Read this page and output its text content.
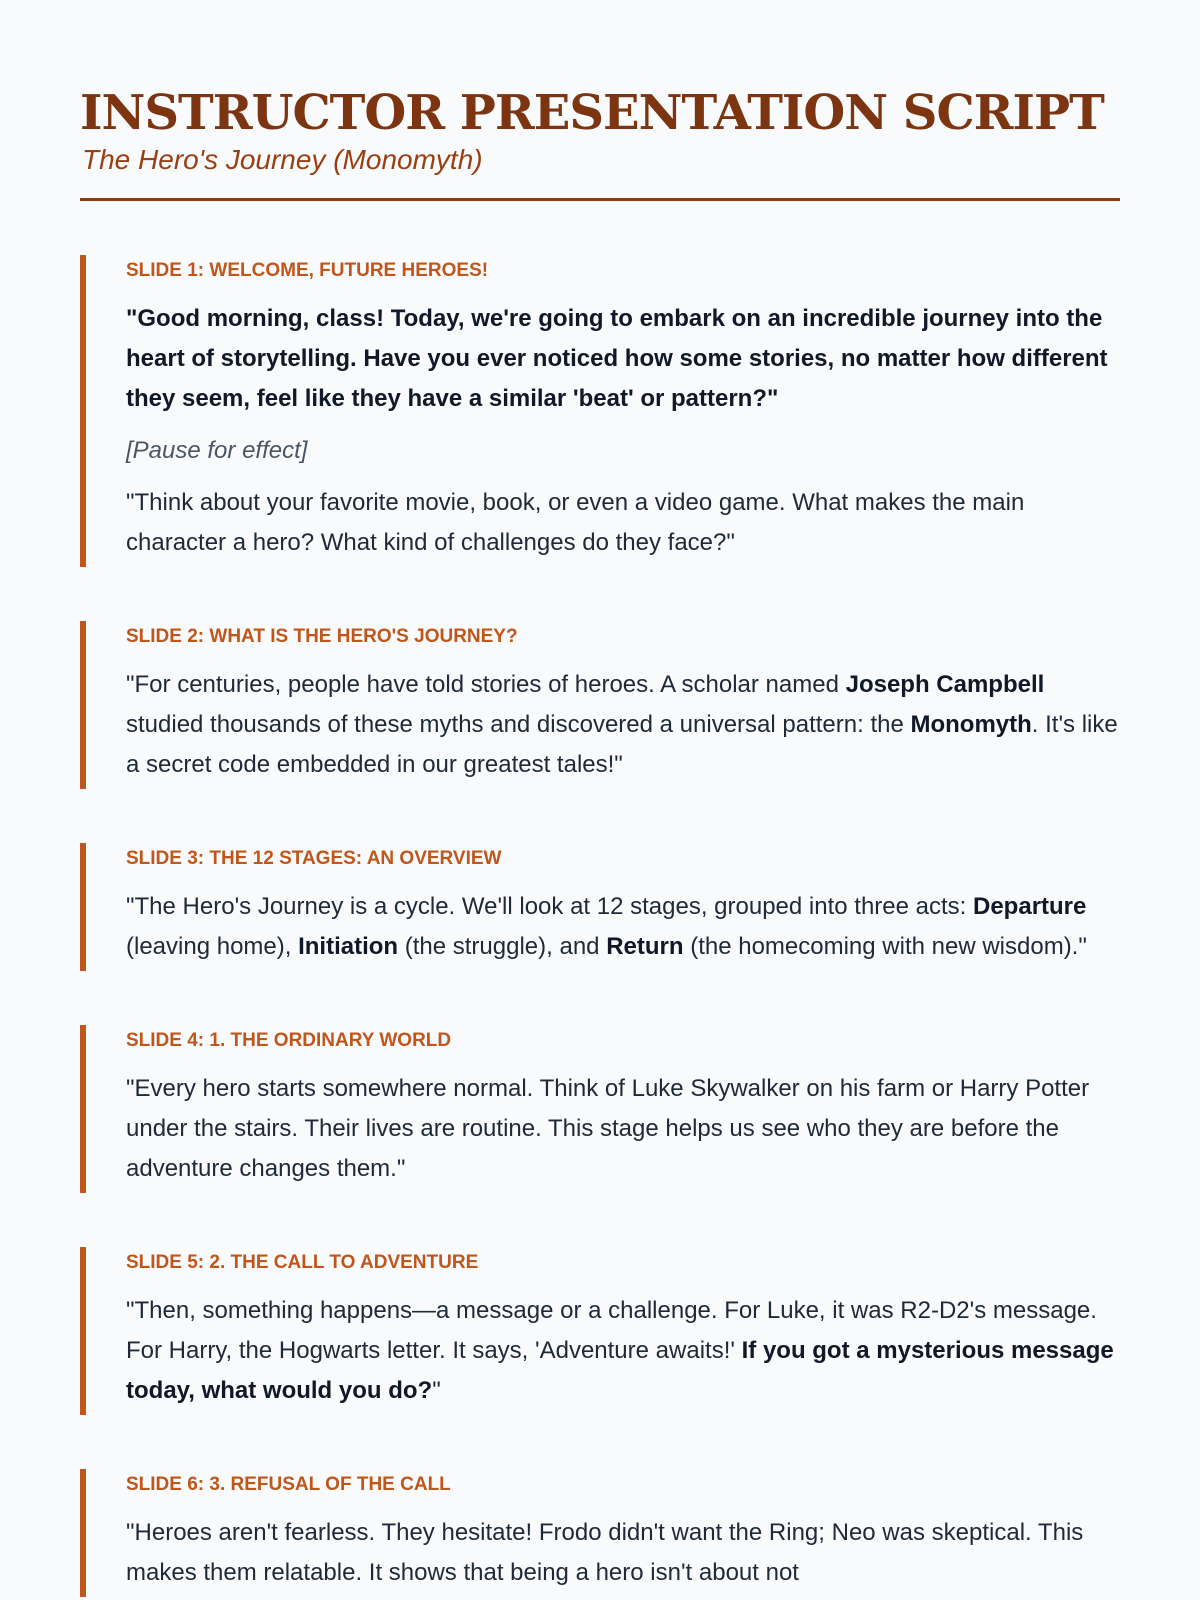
INSTRUCTOR PRESENTATION SCRIPT

The Hero's Journey (Monomyth)

SLIDE 1: WELCOME, FUTURE HEROES!

"Good morning, class! Today, we're going to embark on an incredible journey into the heart of storytelling. Have you ever noticed how some stories, no matter how different they seem, feel like they have a similar 'beat' or pattern?"

[Pause for effect]

"Think about your favorite movie, book, or even a video game. What makes the main character a hero? What kind of challenges do they face?"

SLIDE 2: WHAT IS THE HERO'S JOURNEY?

"For centuries, people have told stories of heroes. A scholar named Joseph Campbell studied thousands of these myths and discovered a universal pattern: the Monomyth. It's like a secret code embedded in our greatest tales!"

SLIDE 3: THE 12 STAGES: AN OVERVIEW

"The Hero's Journey is a cycle. We'll look at 12 stages, grouped into three acts: Departure (leaving home), Initiation (the struggle), and Return (the homecoming with new wisdom)."

SLIDE 4: 1. THE ORDINARY WORLD

"Every hero starts somewhere normal. Think of Luke Skywalker on his farm or Harry Potter under the stairs. Their lives are routine. This stage helps us see who they are before the adventure changes them."

SLIDE 5: 2. THE CALL TO ADVENTURE

"Then, something happens—a message or a challenge. For Luke, it was R2-D2's message. For Harry, the Hogwarts letter. It says, 'Adventure awaits!' If you got a mysterious message today, what would you do?"

SLIDE 6: 3. REFUSAL OF THE CALL

"Heroes aren't fearless. They hesitate! Frodo didn't want the Ring; Neo was skeptical. This makes them relatable. It shows that being a hero isn't about not
